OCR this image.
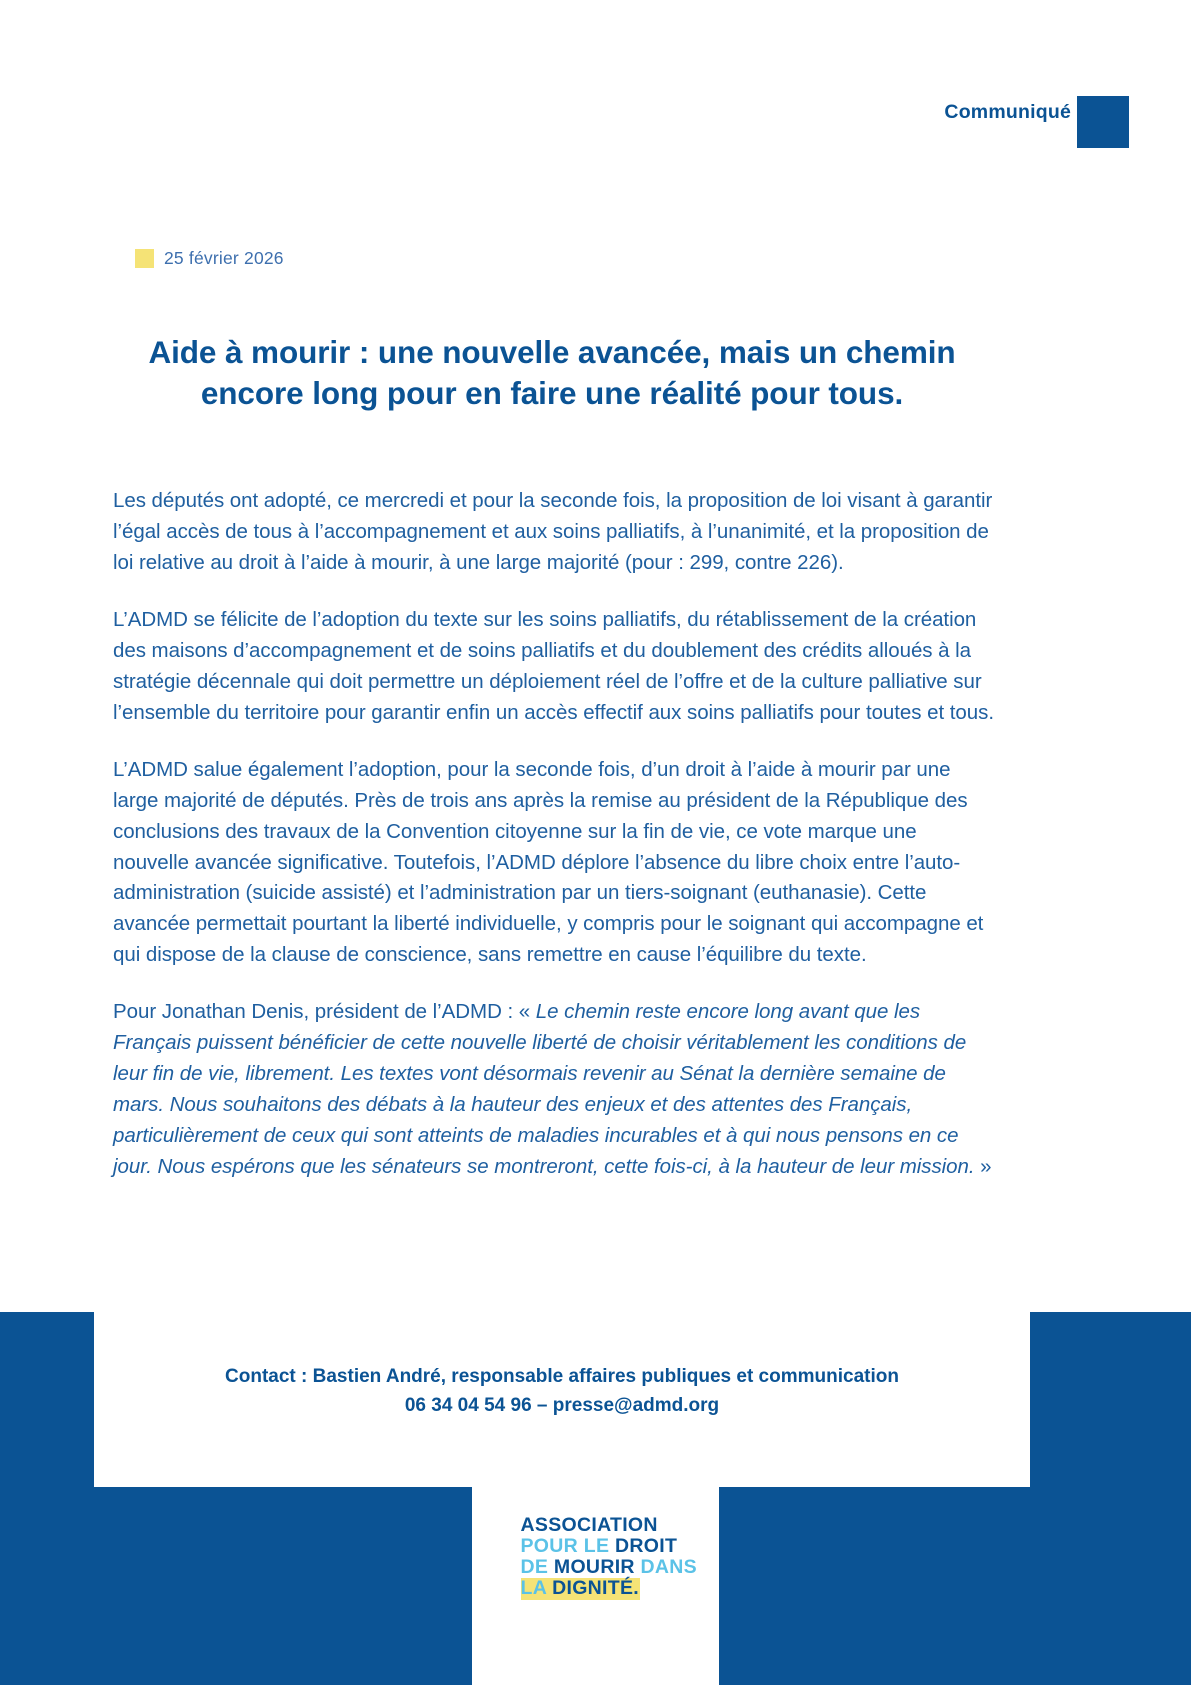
Communiqué
25 février 2026
Aide à mourir : une nouvelle avancée, mais un chemin encore long pour en faire une réalité pour tous.

Les députés ont adopté, ce mercredi et pour la seconde fois, la proposition de loi visant à garantir l’égal accès de tous à l’accompagnement et aux soins palliatifs, à l’unanimité, et la proposition de loi relative au droit à l’aide à mourir, à une large majorité (pour : 299, contre 226).

L’ADMD se félicite de l’adoption du texte sur les soins palliatifs, du rétablissement de la création des maisons d’accompagnement et de soins palliatifs et du doublement des crédits alloués à la stratégie décennale qui doit permettre un déploiement réel de l’offre et de la culture palliative sur l’ensemble du territoire pour garantir enfin un accès effectif aux soins palliatifs pour toutes et tous.

L’ADMD salue également l’adoption, pour la seconde fois, d’un droit à l’aide à mourir par une large majorité de députés. Près de trois ans après la remise au président de la République des conclusions des travaux de la Convention citoyenne sur la fin de vie, ce vote marque une nouvelle avancée significative. Toutefois, l’ADMD déplore l’absence du libre choix entre l’auto-administration (suicide assisté) et l’administration par un tiers-soignant (euthanasie). Cette avancée permettait pourtant la liberté individuelle, y compris pour le soignant qui accompagne et qui dispose de la clause de conscience, sans remettre en cause l’équilibre du texte.

Pour Jonathan Denis, président de l’ADMD : « Le chemin reste encore long avant que les Français puissent bénéficier de cette nouvelle liberté de choisir véritablement les conditions de leur fin de vie, librement. Les textes vont désormais revenir au Sénat la dernière semaine de mars. Nous souhaitons des débats à la hauteur des enjeux et des attentes des Français, particulièrement de ceux qui sont atteints de maladies incurables et à qui nous pensons en ce jour. Nous espérons que les sénateurs se montreront, cette fois-ci, à la hauteur de leur mission. »

Contact : Bastien André, responsable affaires publiques et communication
06 34 04 54 96 – presse@admd.org
ASSOCIATION
POUR LE DROIT
DE MOURIR DANS
LA DIGNITÉ.
